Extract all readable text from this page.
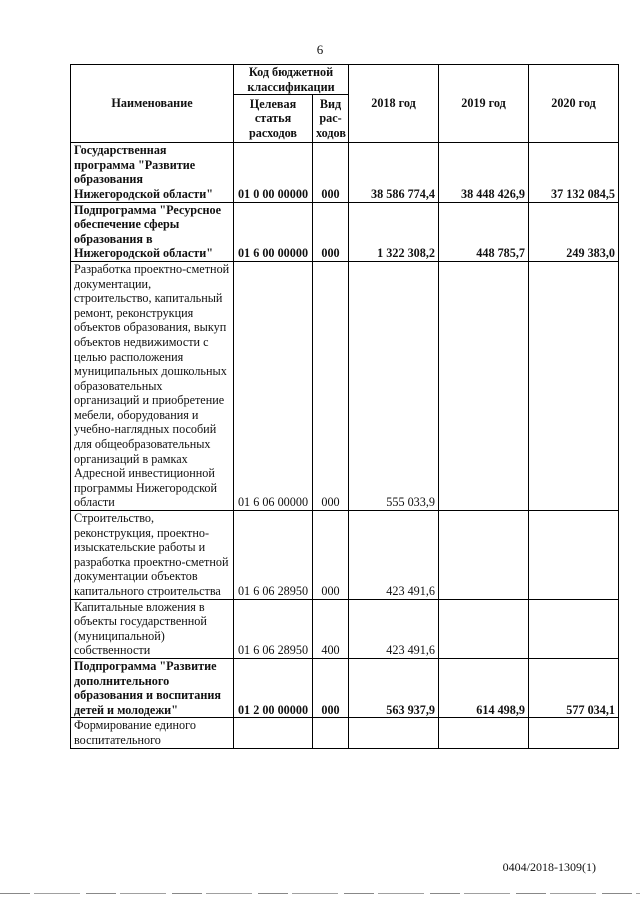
6
Наименование	Код бюджетной классификации		2018 год	2019 год	2020 год
	Целевая статья расходов	Вид рас-ходов			
Государственная программа "Развитие образования Нижегородской области"	01 0 00 00000	000	38 586 774,4	38 448 426,9	37 132 084,5
Подпрограмма "Ресурсное обеспечение сферы образования в Нижегородской области"	01 6 00 00000	000	1 322 308,2	448 785,7	249 383,0
Разработка проектно-сметной документации, строительство, капитальный ремонт, реконструкция объектов образования, выкуп объектов недвижимости с целью расположения муниципальных дошкольных образовательных организаций и приобретение мебели, оборудования и учебно-наглядных пособий для общеобразовательных организаций в рамках Адресной инвестиционной программы Нижегородской области	01 6 06 00000	000	555 033,9		
Строительство, реконструкция, проектно-изыскательские работы и разработка проектно-сметной документации объектов капитального строительства	01 6 06 28950	000	423 491,6		
Капитальные вложения в объекты государственной (муниципальной) собственности	01 6 06 28950	400	423 491,6		
Подпрограмма "Развитие дополнительного образования и воспитания детей и молодежи"	01 2 00 00000	000	563 937,9	614 498,9	577 034,1
Формирование единого воспитательного					
0404/2018-1309(1)
